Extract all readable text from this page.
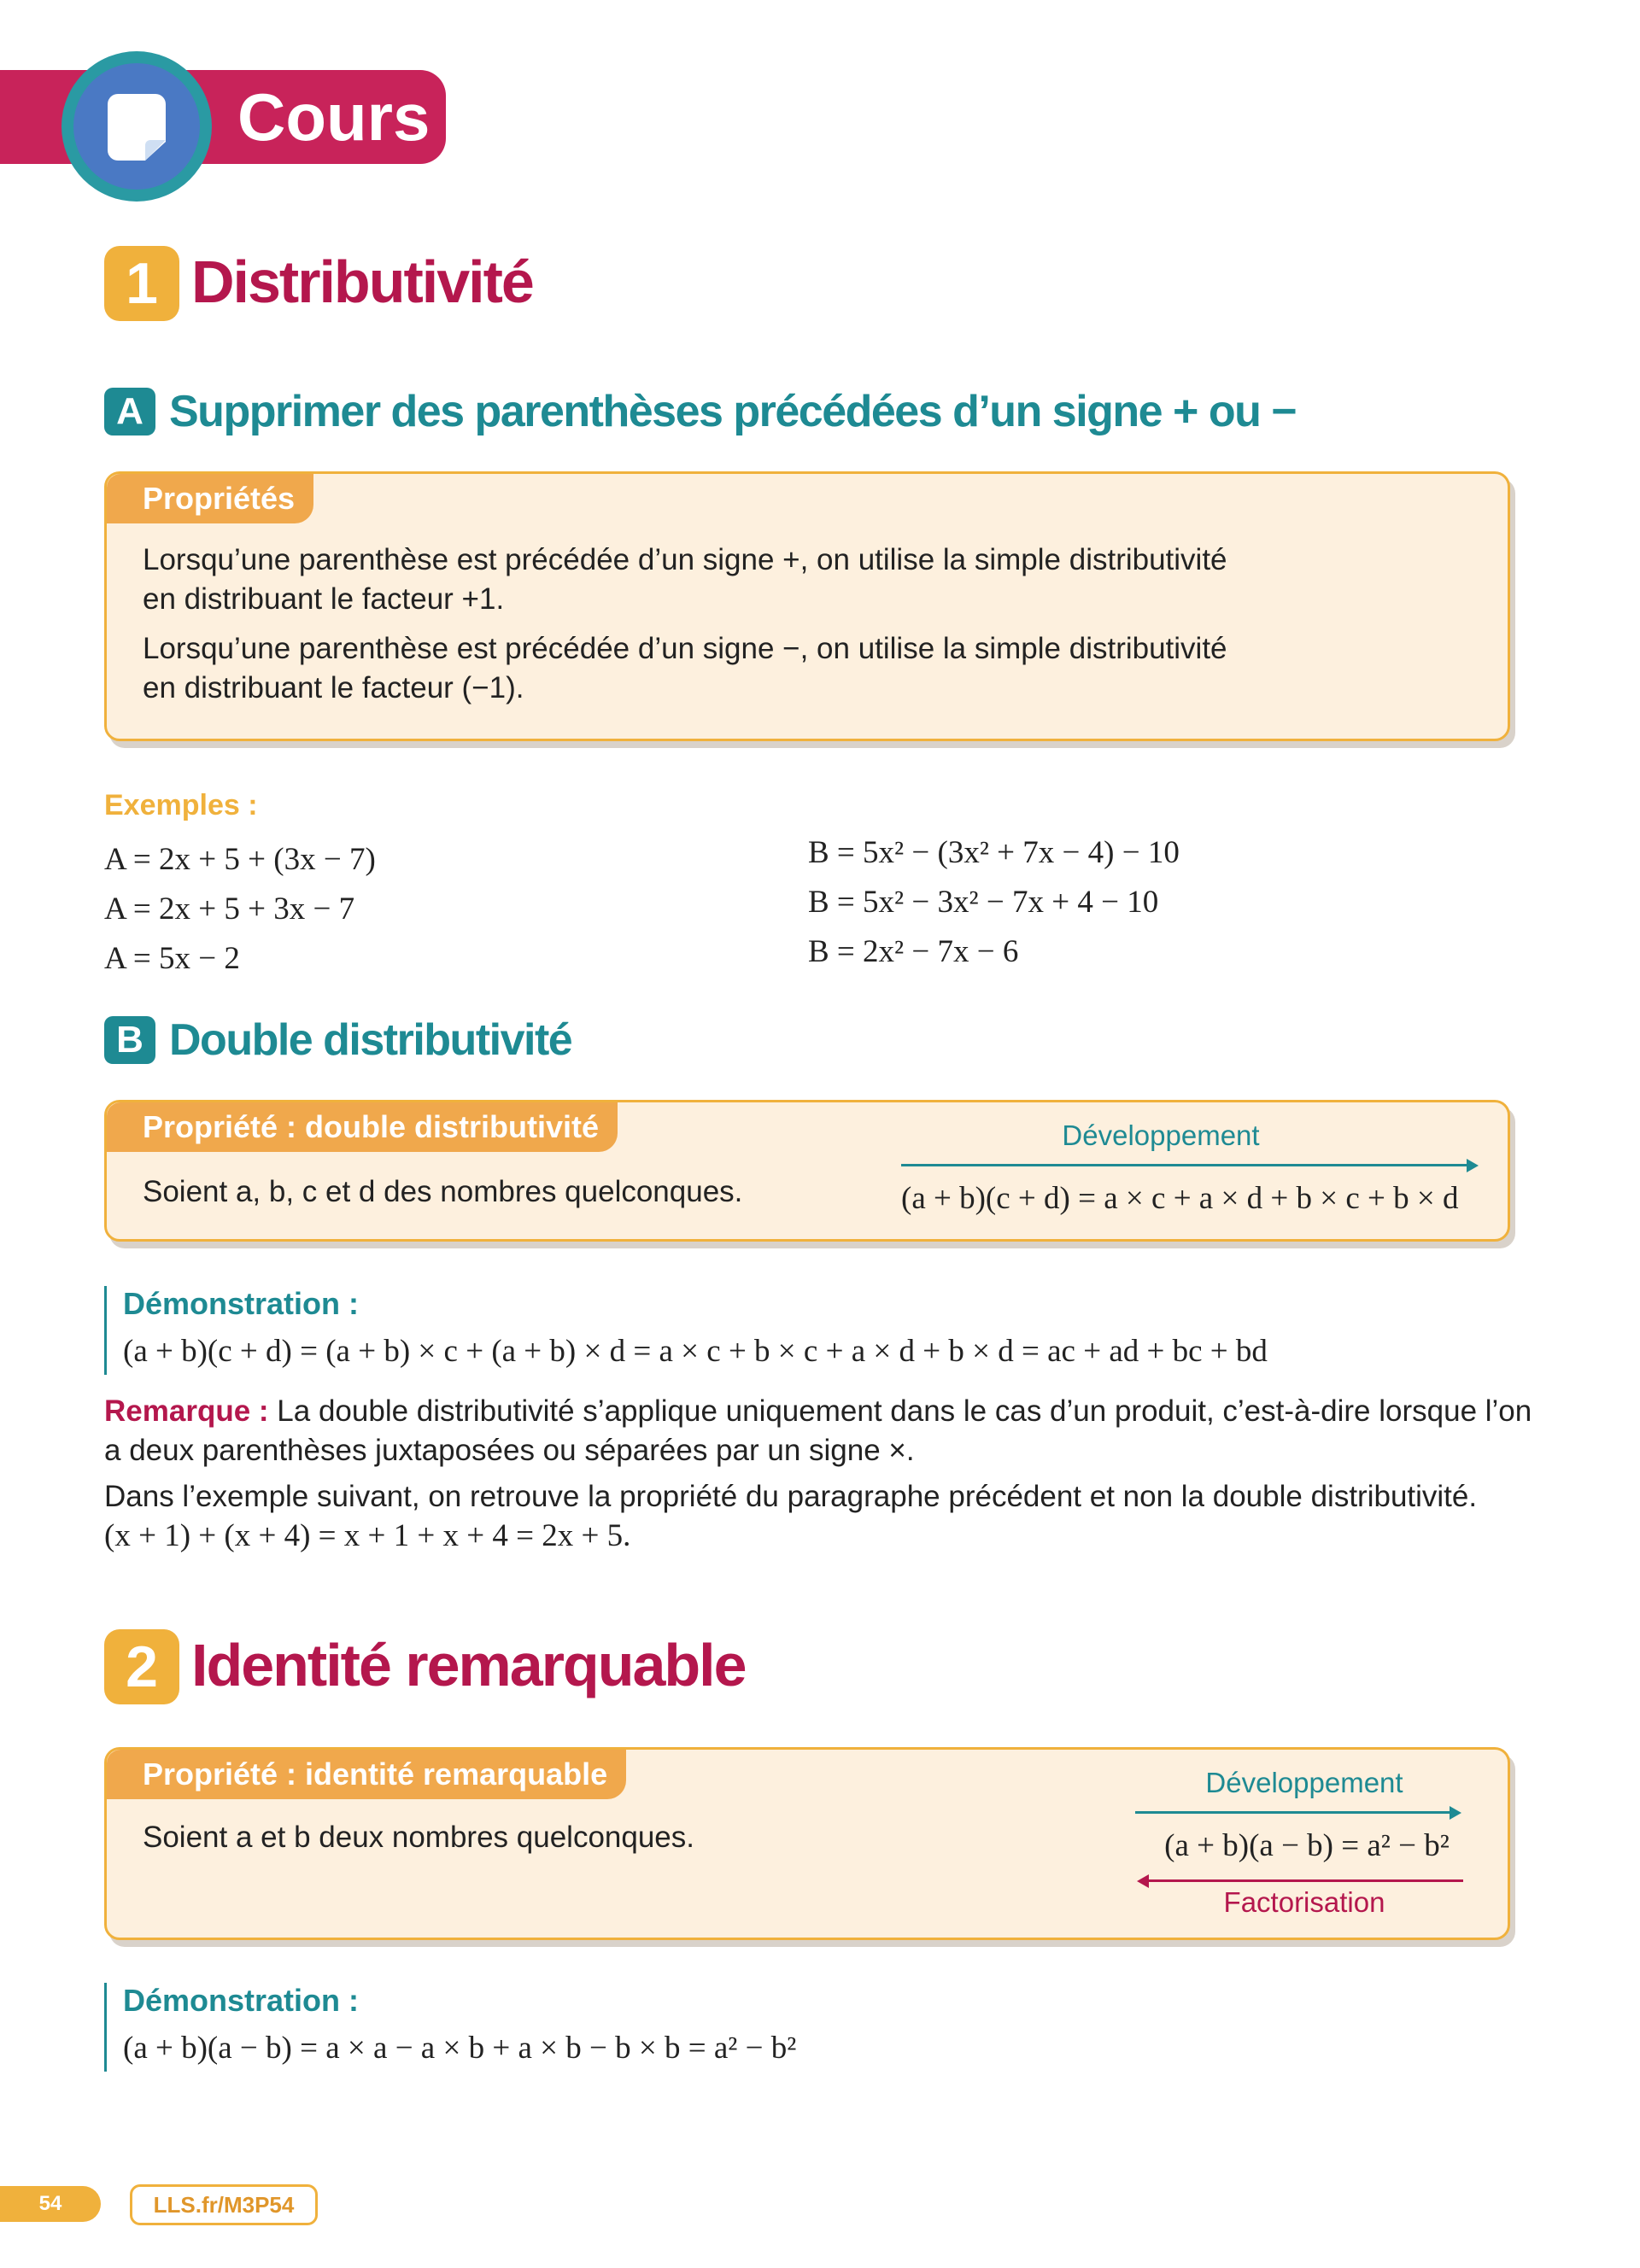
Cours
1 Distributivité
A Supprimer des parenthèses précédées d’un signe + ou −
Propriétés
Lorsqu’une parenthèse est précédée d’un signe +, on utilise la simple distributivité
en distribuant le facteur +1.
Lorsqu’une parenthèse est précédée d’un signe −, on utilise la simple distributivité
en distribuant le facteur (−1).
Exemples :
A = 2x + 5 + (3x − 7)
A = 2x + 5 + 3x − 7
A = 5x − 2
B = 5x² − (3x² + 7x − 4) − 10
B = 5x² − 3x² − 7x + 4 − 10
B = 2x² − 7x − 6
B Double distributivité
Propriété : double distributivité
Soient a, b, c et d des nombres quelconques.
Développement
(a + b)(c + d) = a × c + a × d + b × c + b × d
Démonstration :
(a + b)(c + d) = (a + b) × c + (a + b) × d = a × c + b × c + a × d + b × d = ac + ad + bc + bd
Remarque : La double distributivité s’applique uniquement dans le cas d’un produit, c’est-à-dire lorsque l’on
a deux parenthèses juxtaposées ou séparées par un signe ×.
Dans l’exemple suivant, on retrouve la propriété du paragraphe précédent et non la double distributivité.
(x + 1) + (x + 4) = x + 1 + x + 4 = 2x + 5.
2 Identité remarquable
Propriété : identité remarquable
Soient a et b deux nombres quelconques.
Développement
(a + b)(a − b) = a² − b²
Factorisation
Démonstration :
(a + b)(a − b) = a × a − a × b + a × b − b × b = a² − b²
54	LLS.fr/M3P54
